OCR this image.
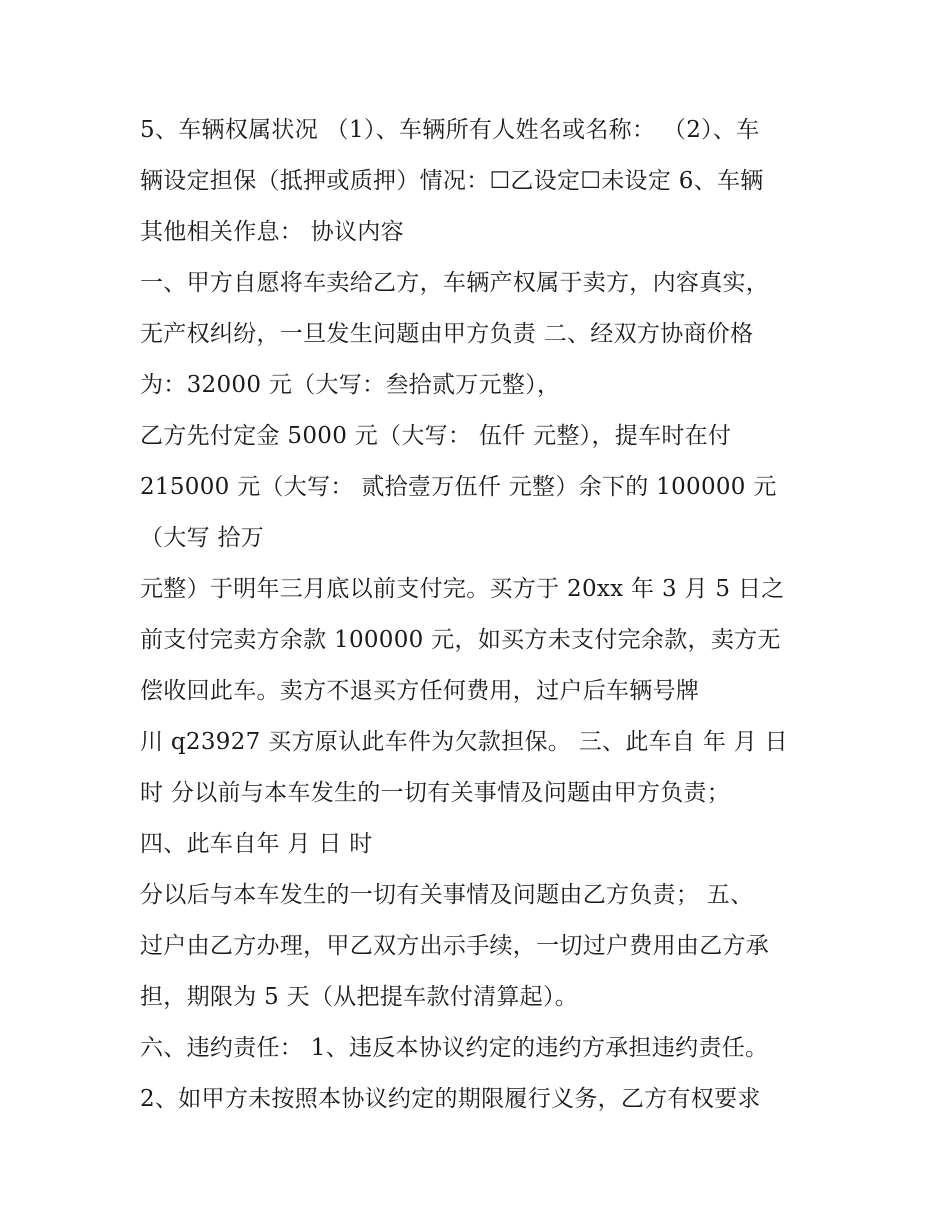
5、车辆权属状况 （1）、车辆所有人姓名或名称： （2）、车
辆设定担保（抵押或质押）情况：☐乙设定☐未设定 6、车辆
其他相关作息： 协议内容
一、甲方自愿将车卖给乙方，车辆产权属于卖方，内容真实，
无产权纠纷，一旦发生问题由甲方负责 二、经双方协商价格
为：32000 元（大写：叁拾贰万元整），
乙方先付定金 5000 元（大写： 伍仟 元整），提车时在付
215000 元（大写： 贰拾壹万伍仟 元整）余下的 100000 元
（大写 拾万
元整）于明年三月底以前支付完。买方于 20xx 年 3 月 5 日之
前支付完卖方余款 100000 元，如买方未支付完余款，卖方无
偿收回此车。卖方不退买方任何费用，过户后车辆号牌
川 q23927 买方原认此车件为欠款担保。 三、此车自 年 月 日
时 分以前与本车发生的一切有关事情及问题由甲方负责；
四、此车自年 月 日 时
分以后与本车发生的一切有关事情及问题由乙方负责； 五、
过户由乙方办理，甲乙双方出示手续，一切过户费用由乙方承
担，期限为 5 天（从把提车款付清算起）。
六、违约责任： 1、违反本协议约定的违约方承担违约责任。
2、如甲方未按照本协议约定的期限履行义务，乙方有权要求
